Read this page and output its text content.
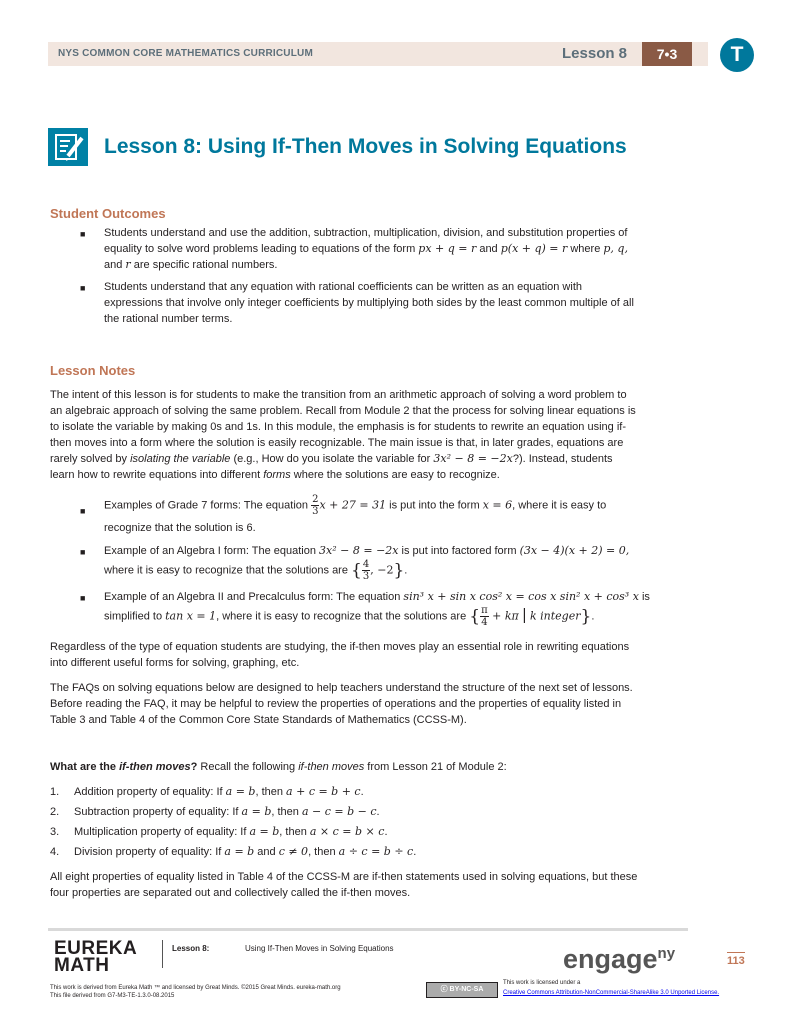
NYS COMMON CORE MATHEMATICS CURRICULUM	Lesson 8	7•3	T
Lesson 8: Using If-Then Moves in Solving Equations
Student Outcomes
■ Students understand and use the addition, subtraction, multiplication, division, and substitution properties of
equality to solve word problems leading to equations of the form px + q = r and p(x + q) = r where p, q,
and r are specific rational numbers.
■ Students understand that any equation with rational coefficients can be written as an equation with
expressions that involve only integer coefficients by multiplying both sides by the least common multiple of all
the rational number terms.
Lesson Notes
The intent of this lesson is for students to make the transition from an arithmetic approach of solving a word problem to
an algebraic approach of solving the same problem. Recall from Module 2 that the process for solving linear equations is
to isolate the variable by making 0s and 1s. In this module, the emphasis is for students to rewrite an equation using if-
then moves into a form where the solution is easily recognizable. The main issue is that, in later grades, equations are
rarely solved by isolating the variable (e.g., How do you isolate the variable for 3x² − 8 = −2x?). Instead, students
learn how to rewrite equations into different forms where the solutions are easy to recognize.
■ Examples of Grade 7 forms: The equation $\frac{2}{3}$ x + 27 = 31 is put into the form x = 6, where it is easy to
recognize that the solution is 6.
■ Example of an Algebra I form: The equation 3x² − 8 = −2x is put into factored form (3x − 4)(x + 2) = 0,
where it is easy to recognize that the solutions are { $\frac{4}{3}$ , −2}.
■ Example of an Algebra II and Precalculus form: The equation sin³ x + sin x cos² x = cos x sin² x + cos³ x is
simplified to tan x = 1, where it is easy to recognize that the solutions are { $\frac{\pi}{4} + k\pi$ | k integer}.
Regardless of the type of equation students are studying, the if-then moves play an essential role in rewriting equations
into different useful forms for solving, graphing, etc.
The FAQs on solving equations below are designed to help teachers understand the structure of the next set of lessons.
Before reading the FAQ, it may be helpful to review the properties of operations and the properties of equality listed in
Table 3 and Table 4 of the Common Core State Standards of Mathematics (CCSS-M).
What are the if-then moves? Recall the following if-then moves from Lesson 21 of Module 2:
1. Addition property of equality: If a = b, then a + c = b + c.
2. Subtraction property of equality: If a = b, then a − c = b − c.
3. Multiplication property of equality: If a = b, then a × c = b × c.
4. Division property of equality: If a = b and c ≠ 0, then a ÷ c = b ÷ c.
All eight properties of equality listed in Table 4 of the CCSS-M are if-then statements used in solving equations, but these
four properties are separated out and collectively called the if-then moves.
EUREKA
MATH
Lesson 8:	Using If-Then Moves in Solving Equations	engage$^{ny}$	113
This work is derived from Eureka Math ™ and licensed by Great Minds. ©2015 Great Minds. eureka-math.org
This file derived from G7-M3-TE-1.3.0-08.2015
ⓒ BY-NC-SA
This work is licensed under a
Creative Commons Attribution-NonCommercial-ShareAlike 3.0 Unported License.
